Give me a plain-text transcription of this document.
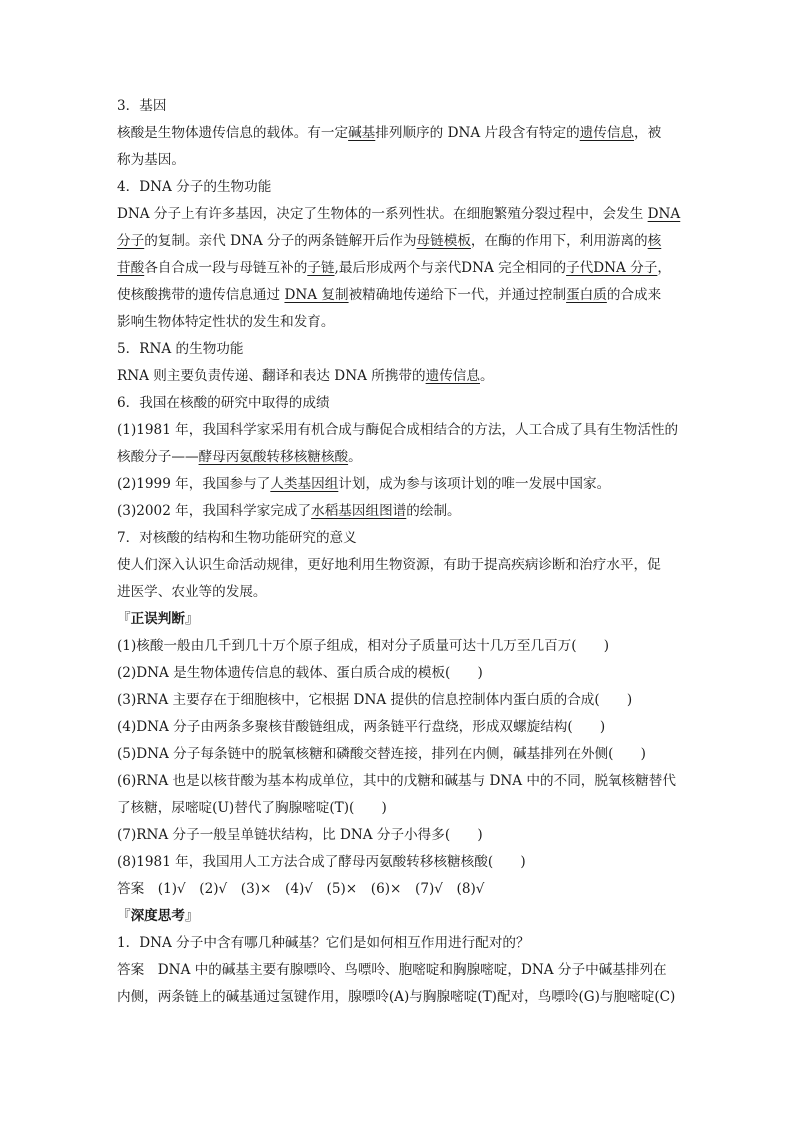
3．基因
核酸是生物体遗传信息的载体。有一定碱基排列顺序的 DNA 片段含有特定的遗传信息，被
称为基因。
4．DNA 分子的生物功能
DNA 分子上有许多基因，决定了生物体的一系列性状。在细胞繁殖分裂过程中，会发生 DNA
分子的复制。亲代 DNA 分子的两条链解开后作为母链模板，在酶的作用下，利用游离的核
苷酸各自合成一段与母链互补的子链,最后形成两个与亲代DNA 完全相同的子代DNA 分子，
使核酸携带的遗传信息通过 DNA 复制被精确地传递给下一代，并通过控制蛋白质的合成来
影响生物体特定性状的发生和发育。
5．RNA 的生物功能
RNA 则主要负责传递、翻译和表达 DNA 所携带的遗传信息。
6．我国在核酸的研究中取得的成绩
(1)1981 年，我国科学家采用有机合成与酶促合成相结合的方法，人工合成了具有生物活性的
核酸分子——酵母丙氨酸转移核糖核酸。
(2)1999 年，我国参与了人类基因组计划，成为参与该项计划的唯一发展中国家。
(3)2002 年，我国科学家完成了水稻基因组图谱的绘制。
7．对核酸的结构和生物功能研究的意义
使人们深入认识生命活动规律，更好地利用生物资源，有助于提高疾病诊断和治疗水平，促
进医学、农业等的发展。
『正误判断』
(1)核酸一般由几千到几十万个原子组成，相对分子质量可达十几万至几百万(　　)
(2)DNA 是生物体遗传信息的载体、蛋白质合成的模板(　　)
(3)RNA 主要存在于细胞核中，它根据 DNA 提供的信息控制体内蛋白质的合成(　　)
(4)DNA 分子由两条多聚核苷酸链组成，两条链平行盘绕，形成双螺旋结构(　　)
(5)DNA 分子每条链中的脱氧核糖和磷酸交替连接，排列在内侧，碱基排列在外侧(　　)
(6)RNA 也是以核苷酸为基本构成单位，其中的戊糖和碱基与 DNA 中的不同，脱氧核糖替代
了核糖，尿嘧啶(U)替代了胸腺嘧啶(T)(　　)
(7)RNA 分子一般呈单链状结构，比 DNA 分子小得多(　　)
(8)1981 年，我国用人工方法合成了酵母丙氨酸转移核糖核酸(　　)
答案　(1)√　(2)√　(3)×　(4)√　(5)×　(6)×　(7)√　(8)√
『深度思考』
1．DNA 分子中含有哪几种碱基？它们是如何相互作用进行配对的？
答案　DNA 中的碱基主要有腺嘌呤、鸟嘌呤、胞嘧啶和胸腺嘧啶，DNA 分子中碱基排列在
内侧，两条链上的碱基通过氢键作用，腺嘌呤(A)与胸腺嘧啶(T)配对，鸟嘌呤(G)与胞嘧啶(C)
